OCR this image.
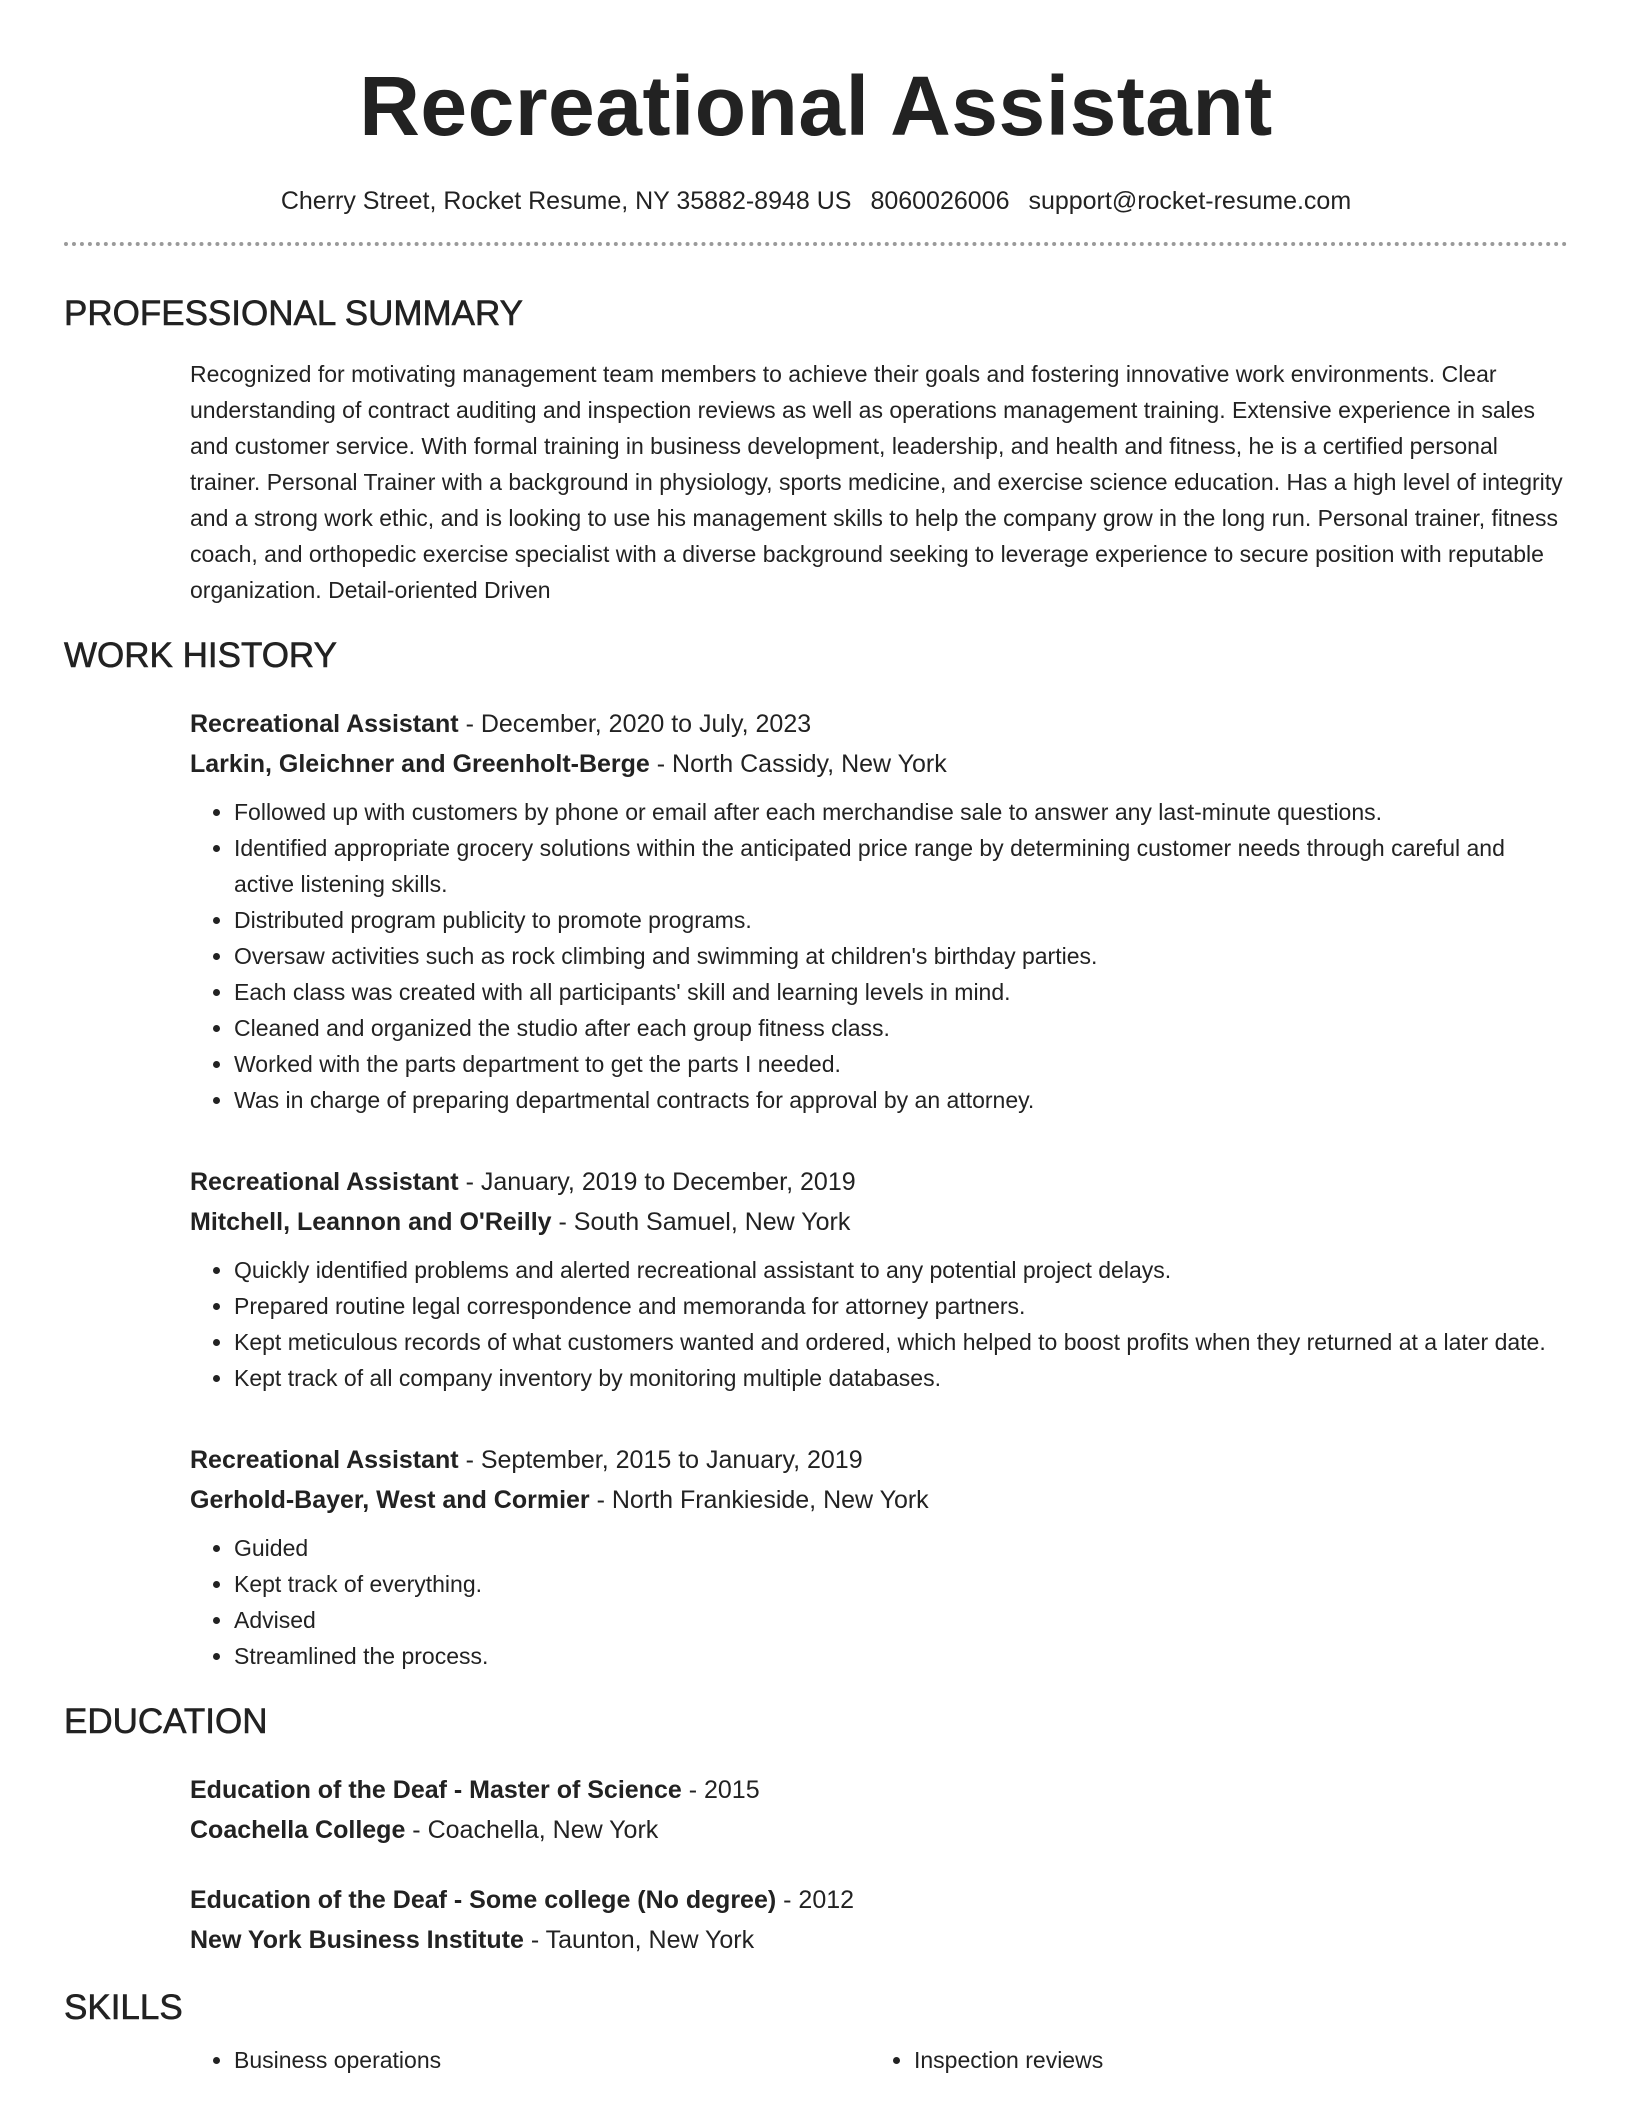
Recreational Assistant
Cherry Street, Rocket Resume, NY 35882-8948 US 8060026006 support@rocket-resume.com
PROFESSIONAL SUMMARY

Recognized for motivating management team members to achieve their goals and fostering innovative work environments. Clear understanding of contract auditing and inspection reviews as well as operations management training. Extensive experience in sales and customer service. With formal training in business development, leadership, and health and fitness, he is a certified personal trainer. Personal Trainer with a background in physiology, sports medicine, and exercise science education. Has a high level of integrity and a strong work ethic, and is looking to use his management skills to help the company grow in the long run. Personal trainer, fitness coach, and orthopedic exercise specialist with a diverse background seeking to leverage experience to secure position with reputable organization. Detail-oriented Driven

WORK HISTORY
Recreational Assistant - December, 2020 to July, 2023
Larkin, Gleichner and Greenholt-Berge - North Cassidy, New York
• Followed up with customers by phone or email after each merchandise sale to answer any last-minute questions.
• Identified appropriate grocery solutions within the anticipated price range by determining customer needs through careful and active listening skills.
• Distributed program publicity to promote programs.
• Oversaw activities such as rock climbing and swimming at children's birthday parties.
• Each class was created with all participants' skill and learning levels in mind.
• Cleaned and organized the studio after each group fitness class.
• Worked with the parts department to get the parts I needed.
• Was in charge of preparing departmental contracts for approval by an attorney.
Recreational Assistant - January, 2019 to December, 2019
Mitchell, Leannon and O'Reilly - South Samuel, New York
• Quickly identified problems and alerted recreational assistant to any potential project delays.
• Prepared routine legal correspondence and memoranda for attorney partners.
• Kept meticulous records of what customers wanted and ordered, which helped to boost profits when they returned at a later date.
• Kept track of all company inventory by monitoring multiple databases.
Recreational Assistant - September, 2015 to January, 2019
Gerhold-Bayer, West and Cormier - North Frankieside, New York
• Guided
• Kept track of everything.
• Advised
• Streamlined the process.
EDUCATION
Education of the Deaf - Master of Science - 2015
Coachella College - Coachella, New York
Education of the Deaf - Some college (No degree) - 2012
New York Business Institute - Taunton, New York
SKILLS
• Business operations
•	Inspection reviews
